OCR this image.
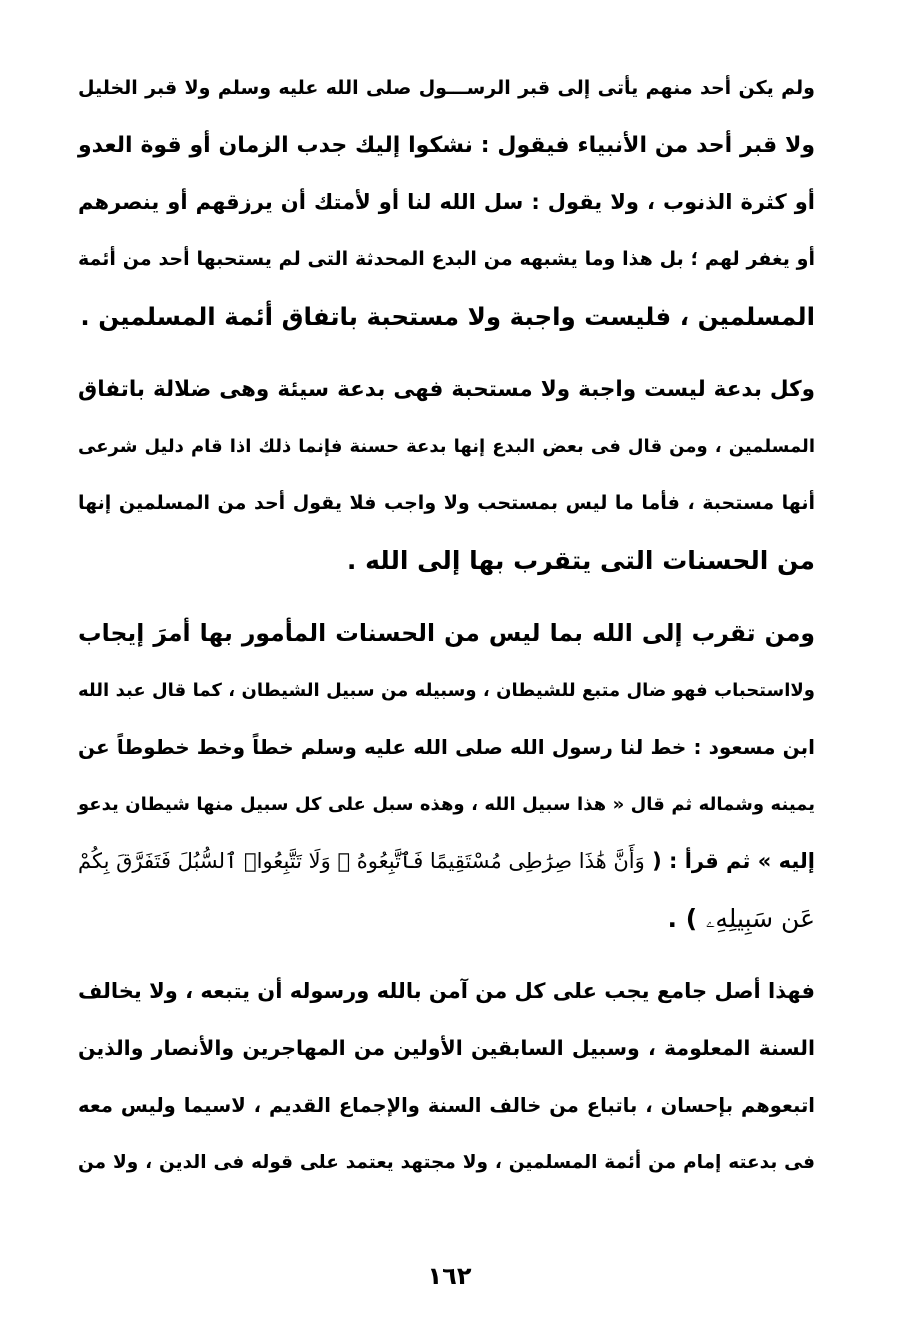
ولم يكن أحد منهم يأتى إلى قبر الرســـول صلى الله عليه وسلم ولا قبر الخليل
ولا قبر أحد من الأنبياء فيقول : نشكوا إليك جدب الزمان أو قوة العدو
أو كثرة الذنوب ، ولا يقول : سل الله لنا أو لأمتك أن يرزقهم أو ينصرهم
أو يغفر لهم ؛ بل هذا وما يشبهه من البدع المحدثة التى لم يستحبها أحد من أئمة
المسلمين ، فليست واجبة ولا مستحبة باتفاق أئمة المسلمين .
وكل بدعة ليست واجبة ولا مستحبة فهى بدعة سيئة وهى ضلالة باتفاق
المسلمين ، ومن قال فى بعض البدع إنها بدعة حسنة فإنما ذلك اذا قام دليل شرعى
أنها مستحبة ، فأما ما ليس بمستحب ولا واجب فلا يقول أحد من المسلمين إنها
من الحسنات التى يتقرب بها إلى الله .
ومن تقرب إلى الله بما ليس من الحسنات المأمور بها أمرَ إيجاب
ولااستحباب فهو ضال متبع للشيطان ، وسبيله من سبيل الشيطان ، كما قال عبد الله
ابن مسعود : خط لنا رسول الله صلى الله عليه وسلم خطاً وخط خطوطاً عن
يمينه وشماله ثم قال « هذا سبيل الله ، وهذه سبل على كل سبيل منها شيطان يدعو
إليه » ثم قرأ : ( وَأَنَّ هَٰذَا صِرَٰطِى مُسْتَقِيمًا فَٱتَّبِعُوهُ ۖ وَلَا تَتَّبِعُوا۟ ٱلسُّبُلَ فَتَفَرَّقَ بِكُمْ
عَن سَبِيلِهِۦ ) .
فهذا أصل جامع يجب على كل من آمن بالله ورسوله أن يتبعه ، ولا يخالف
السنة المعلومة ، وسبيل السابقين الأولين من المهاجرين والأنصار والذين
اتبعوهم بإحسان ، باتباع من خالف السنة والإجماع القديم ، لاسيما وليس معه
فى بدعته إمام من أئمة المسلمين ، ولا مجتهد يعتمد على قوله فى الدين ، ولا من
١٦٢
